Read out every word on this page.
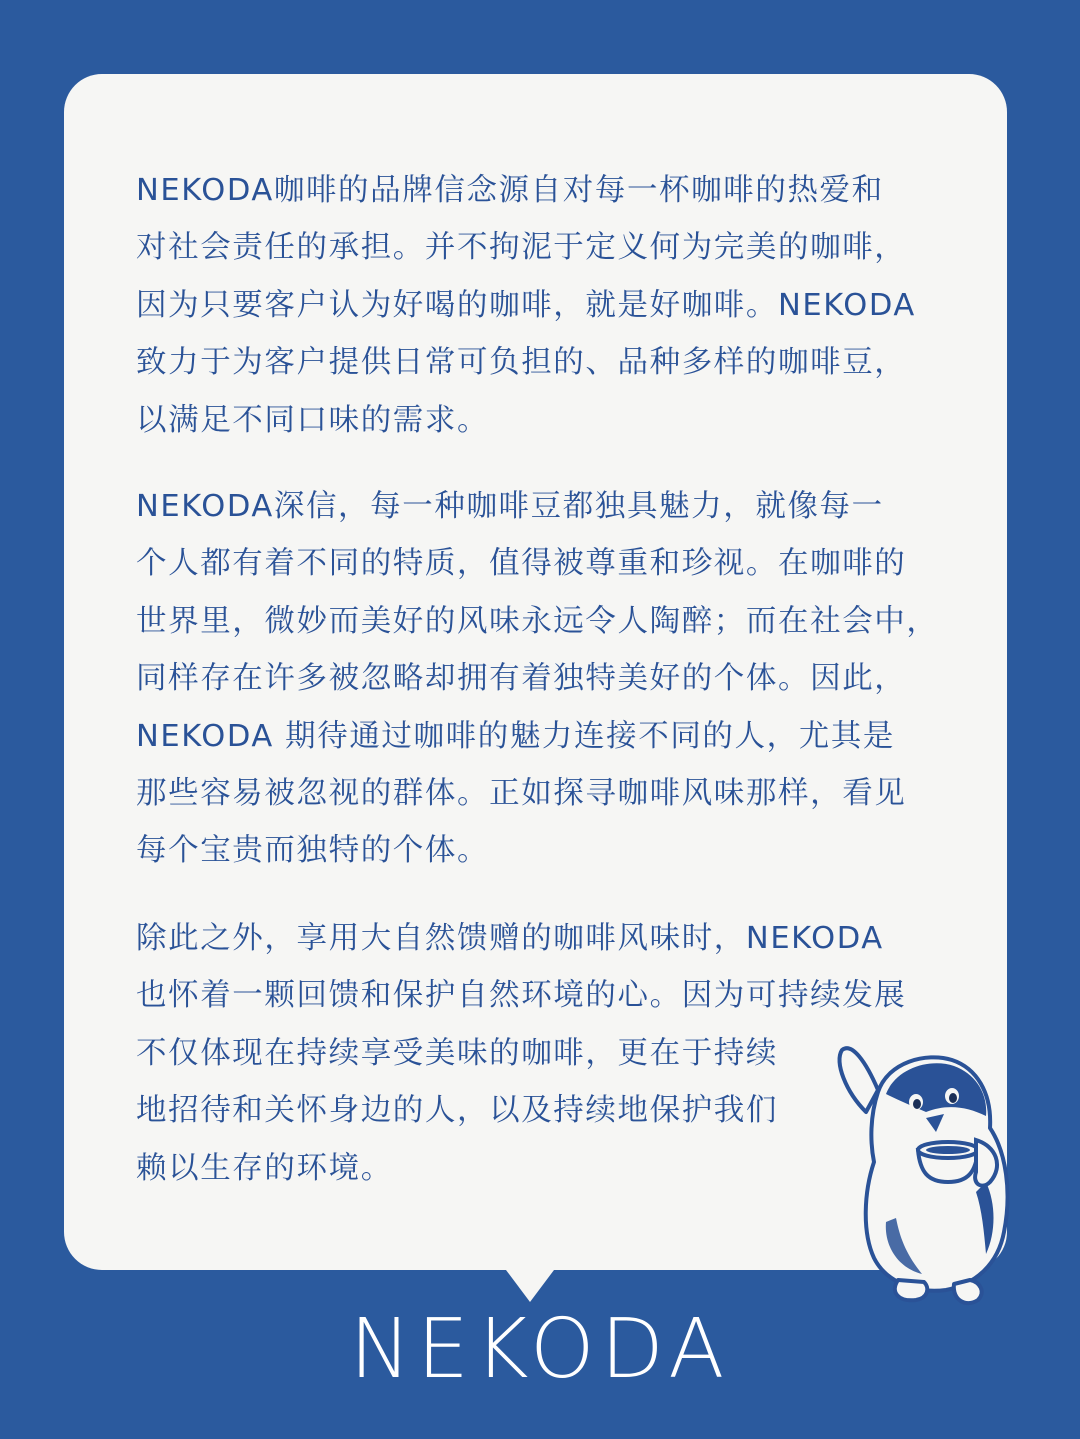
NEKODA咖啡的品牌信念源自对每一杯咖啡的热爱和
对社会责任的承担。并不拘泥于定义何为完美的咖啡，
因为只要客户认为好喝的咖啡，就是好咖啡。NEKODA
致力于为客户提供日常可负担的、品种多样的咖啡豆，
以满足不同口味的需求。
NEKODA深信，每一种咖啡豆都独具魅力，就像每一
个人都有着不同的特质，值得被尊重和珍视。在咖啡的
世界里，微妙而美好的风味永远令人陶醉；而在社会中，
同样存在许多被忽略却拥有着独特美好的个体。因此，
NEKODA 期待通过咖啡的魅力连接不同的人，尤其是
那些容易被忽视的群体。正如探寻咖啡风味那样，看见
每个宝贵而独特的个体。
除此之外，享用大自然馈赠的咖啡风味时，NEKODA
也怀着一颗回馈和保护自然环境的心。因为可持续发展
不仅体现在持续享受美味的咖啡，更在于持续
地招待和关怀身边的人，以及持续地保护我们
赖以生存的环境。
NEKODA
